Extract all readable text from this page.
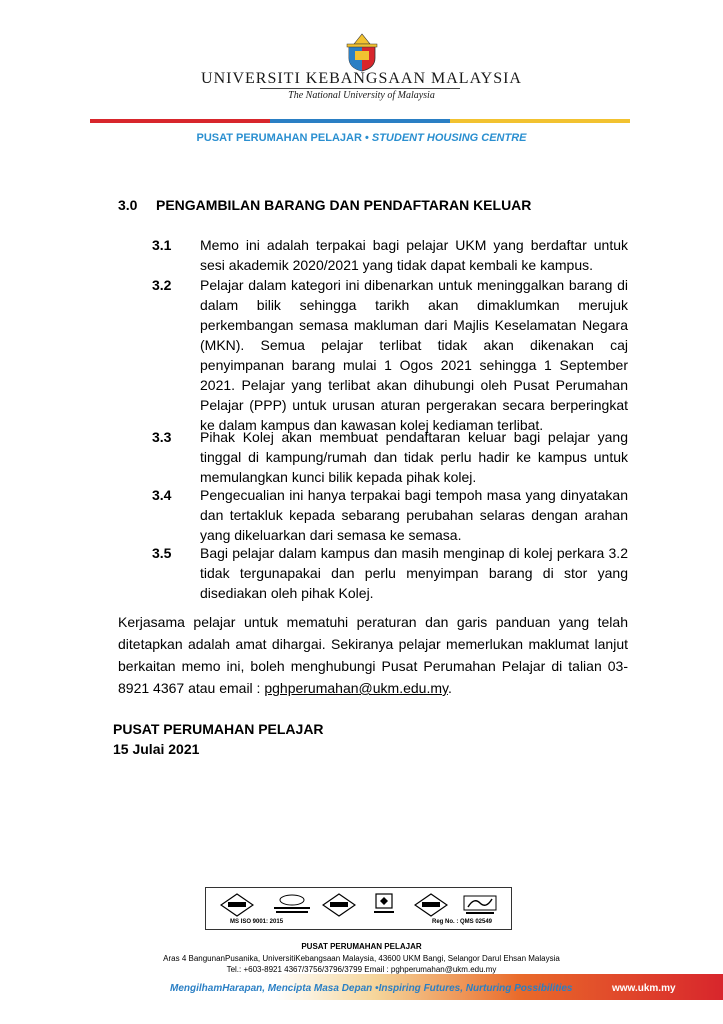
UNIVERSITI KEBANGSAAN MALAYSIA
The National University of Malaysia
PUSAT PERUMAHAN PELAJAR • STUDENT HOUSING CENTRE
3.0 PENGAMBILAN BARANG DAN PENDAFTARAN KELUAR
3.1 Memo ini adalah terpakai bagi pelajar UKM yang berdaftar untuk sesi akademik 2020/2021 yang tidak dapat kembali ke kampus.
3.2 Pelajar dalam kategori ini dibenarkan untuk meninggalkan barang di dalam bilik sehingga tarikh akan dimaklumkan merujuk perkembangan semasa makluman dari Majlis Keselamatan Negara (MKN). Semua pelajar terlibat tidak akan dikenakan caj penyimpanan barang mulai 1 Ogos 2021 sehingga 1 September 2021. Pelajar yang terlibat akan dihubungi oleh Pusat Perumahan Pelajar (PPP) untuk urusan aturan pergerakan secara berperingkat ke dalam kampus dan kawasan kolej kediaman terlibat.
3.3 Pihak Kolej akan membuat pendaftaran keluar bagi pelajar yang tinggal di kampung/rumah dan tidak perlu hadir ke kampus untuk memulangkan kunci bilik kepada pihak kolej.
3.4 Pengecualian ini hanya terpakai bagi tempoh masa yang dinyatakan dan tertakluk kepada sebarang perubahan selaras dengan arahan yang dikeluarkan dari semasa ke semasa.
3.5 Bagi pelajar dalam kampus dan masih menginap di kolej perkara 3.2 tidak tergunapakai dan perlu menyimpan barang di stor yang disediakan oleh pihak Kolej.
Kerjasama pelajar untuk mematuhi peraturan dan garis panduan yang telah ditetapkan adalah amat dihargai. Sekiranya pelajar memerlukan maklumat lanjut berkaitan memo ini, boleh menghubungi Pusat Perumahan Pelajar di talian 03-8921 4367 atau email : pghperumahan@ukm.edu.my.
PUSAT PERUMAHAN PELAJAR
15 Julai 2021
MS ISO 9001: 2015	Reg No. : QMS 02549
PUSAT PERUMAHAN PELAJAR
Aras 4 BangunanPusanika, UniversitiKebangsaan Malaysia, 43600 UKM Bangi, Selangor Darul Ehsan Malaysia
Tel.: +603-8921 4367/3756/3796/3799 Email : pghperumahan@ukm.edu.my
MengilhamHarapan, Mencipta Masa Depan •Inspiring Futures, Nurturing Possibilities	www.ukm.my
